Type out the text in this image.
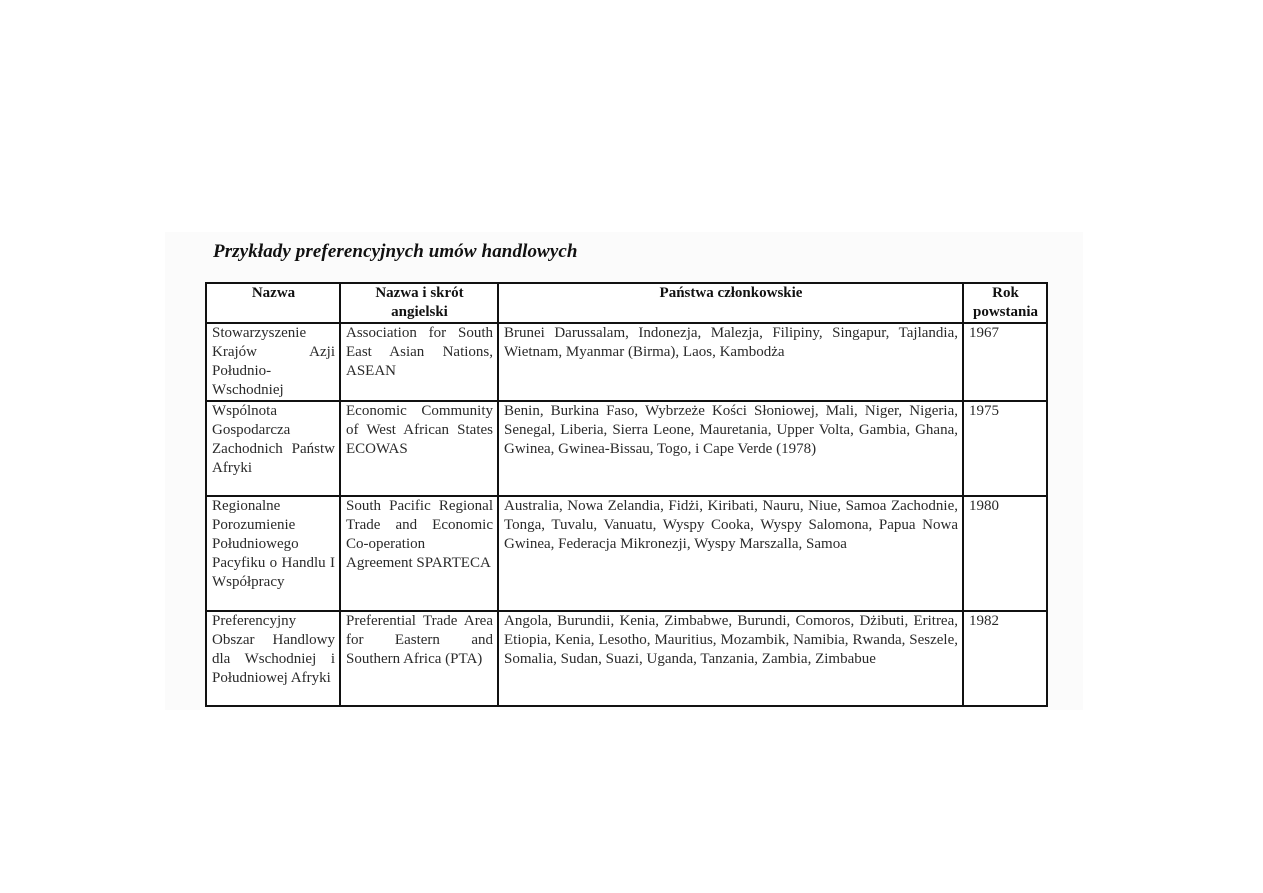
Przykłady preferencyjnych umów handlowych
Nazwa	Nazwa i skrót angielski	Państwa członkowskie	Rok powstania
Stowarzyszenie Krajów Azji Południo-Wschodniej	Association for South East Asian Nations, ASEAN	Brunei Darussalam, Indonezja, Malezja, Filipiny, Singapur, Tajlandia, Wietnam, Myanmar (Birma), Laos, Kambodża	1967
Wspólnota Gospodarcza Zachodnich Państw Afryki	Economic Community of West African States ECOWAS	Benin, Burkina Faso, Wybrzeże Kości Słoniowej, Mali, Niger, Nigeria, Senegal, Liberia, Sierra Leone, Mauretania, Upper Volta, Gambia, Ghana, Gwinea, Gwinea-Bissau, Togo, i Cape Verde (1978)	1975
Regionalne Porozumienie Południowego Pacyfiku o Handlu I Współpracy	South Pacific Regional Trade and Economic Co-operation Agreement SPARTECA	Australia, Nowa Zelandia, Fidżi, Kiribati, Nauru, Niue, Samoa Zachodnie, Tonga, Tuvalu, Vanuatu, Wyspy Cooka, Wyspy Salomona, Papua Nowa Gwinea, Federacja Mikronezji, Wyspy Marszalla, Samoa	1980
Preferencyjny Obszar Handlowy dla Wschodniej i Południowej Afryki	Preferential Trade Area for Eastern and Southern Africa (PTA)	Angola, Burundii, Kenia, Zimbabwe, Burundi, Comoros, Dżibuti, Eritrea, Etiopia, Kenia, Lesotho, Mauritius, Mozambik, Namibia, Rwanda, Seszele, Somalia, Sudan, Suazi, Uganda, Tanzania, Zambia, Zimbabue	1982
